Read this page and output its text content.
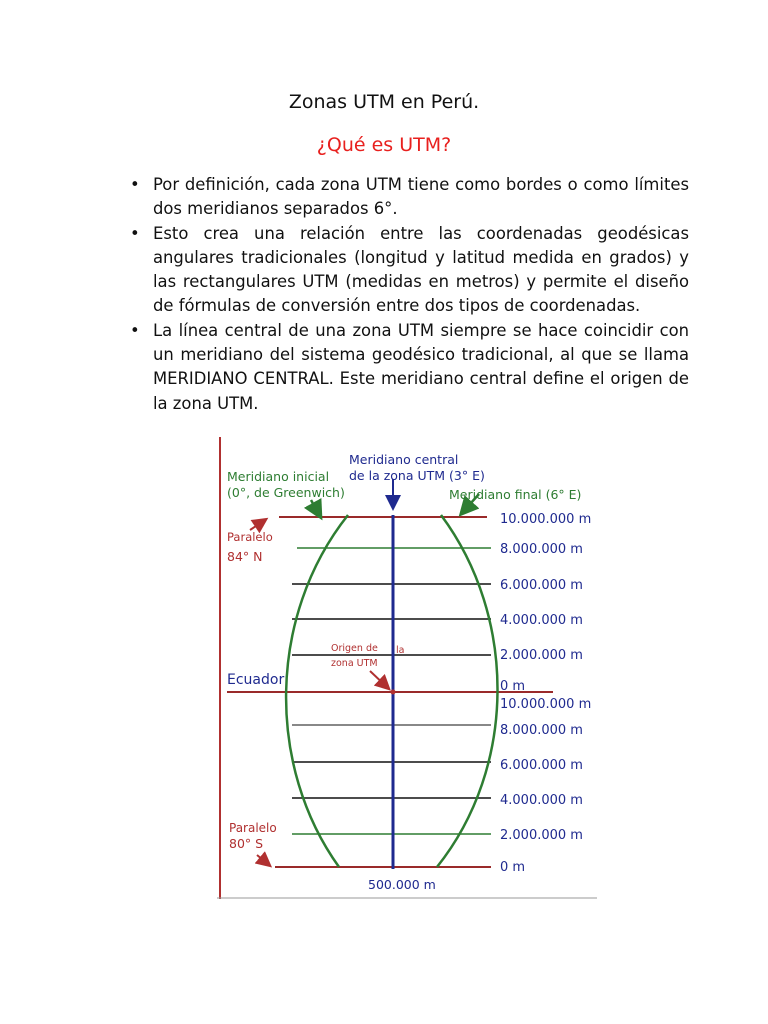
Zonas UTM en Perú.
¿Qué es UTM?
• Por definición, cada zona UTM tiene como bordes o como límites dos meridianos separados 6°.
• Esto crea una relación entre las coordenadas geodésicas angulares tradicionales (longitud y latitud medida en grados) y las rectangulares UTM (medidas en metros) y permite el diseño de fórmulas de conversión entre dos tipos de coordenadas.
• La línea central de una zona UTM siempre se hace coincidir con un meridiano del sistema geodésico tradicional, al que se llama MERIDIANO CENTRAL. Este meridiano central define el origen de la zona UTM.
Meridiano central
de la zona UTM (3° E)
Meridiano inicial
(0°, de Greenwich)	Meridiano final (6° E)
Paralelo
84° N
Paralelo
80° S
Ecuador
Origen de la
zona UTM
10.000.000 m
8.000.000 m
6.000.000 m
4.000.000 m
2.000.000 m
0 m
10.000.000 m
8.000.000 m
6.000.000 m
4.000.000 m
2.000.000 m
0 m
500.000 m
